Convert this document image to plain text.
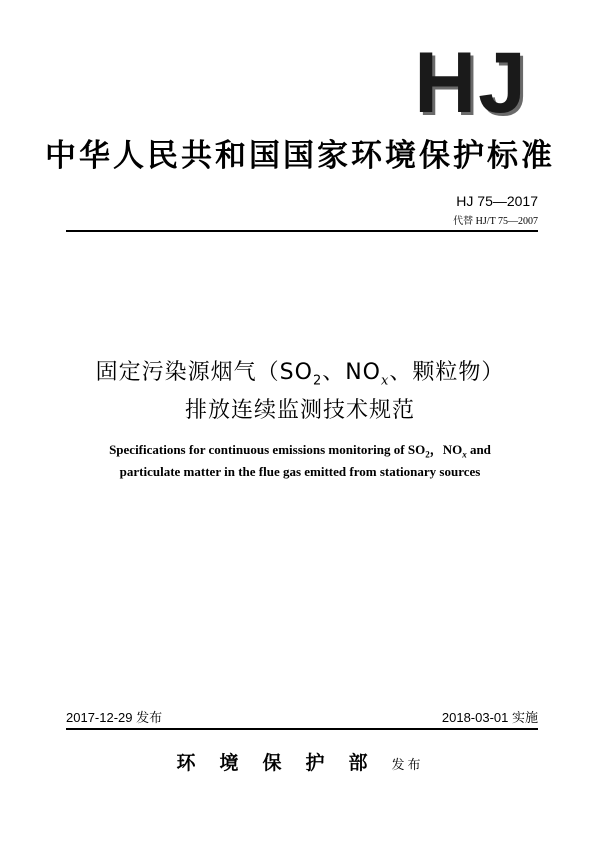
HJ
中华人民共和国国家环境保护标准
HJ 75—2017
代替 HJ/T 75—2007
固定污染源烟气（$SO_2$、$NO_x$、颗粒物）
排放连续监测技术规范
Specifications for continuous emissions monitoring of $SO_2$，$NO_x$ and
particulate matter in the flue gas emitted from stationary sources
2017-12-29 发布	2018-03-01 实施
环境保护部发布
